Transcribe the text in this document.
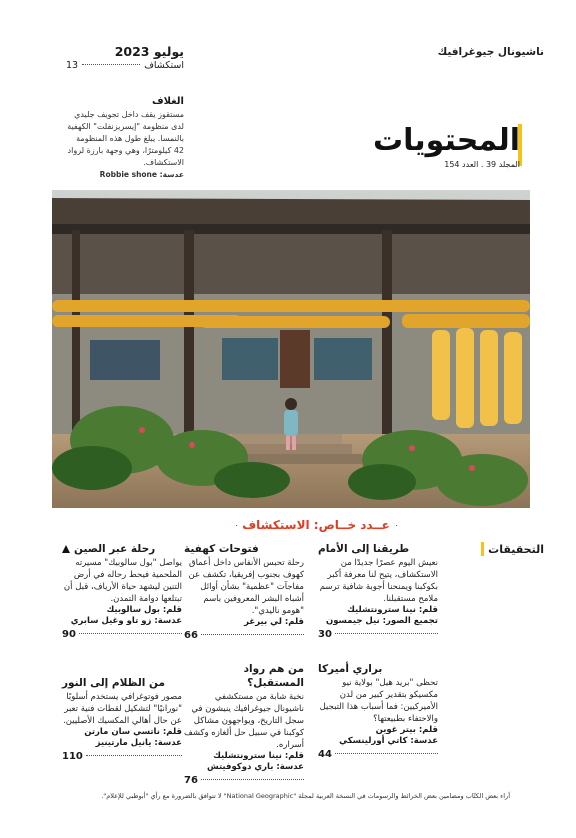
ناشيونال جيوغرافيك
يوليو 2023
13	استكشاف
الغلاف

مستقوز يقف داخل تجويف جليدي لدى منظومة "إيسريزنفلت" الكهفية بالنمسا. يبلغ طول هذه المنظومة 42 كيلومترًا، وهي وجهة بارزة لرواد الاستكشاف.

عدسة: Robbie shone
المحتويات
المجلد 39 . العدد 154
عــدد خــاص: الاستكشاف
التحقيقات
طريقنا إلى الأمام
نعيش اليوم عصرًا جديدًا من الاستكشاف، يتيح لنا معرفة أكبر بكوكبنا ويمنحنا أجوبة شافية ترسم ملامح مستقبلنا.
قلم: نينا سترونتشليك
تجميع الصور: نيل جيمسون
30
براري أميركا
تحظى "بريد هيل" بولاية نيو مكسيكو بتقدير كبير من لدن الأميركيين: فما أسباب هذا التبجيل والاحتفاء بطبيعتها؟
قلم: بيتر غوين
عدسة: كاتي أورلينسكي
44
فتوحات كهفية
رحلة تحبس الأنفاس داخل أعماق كهوف بجنوب إفريقيا، تكشف عن مفاجآت "عظمية" بشأن أوائل أشباه البشر المعروفين باسم "هومو ناليدي".
قلم: لي بيرغر
66
من هم رواد المستقبل؟
نخبة شابة من مستكشفي ناشيونال جيوغرافيك ينيشون في سجل التاريخ، ويواجهون مشاكل كوكبنا في سبيل حل ألغازه وكشف أسراره.
قلم: نينا سترونتشليك
عدسة: باري دوكوفيتش
76
رحلة عبر الصين
يواصل "بول سالوبيك" مسيرته الملحمية فيحط رحاله في أرض التنين ليشهد حياة الأرياف، قبل أن تبتلعها دوامة التمدن.
قلم: بول سالوبيك
عدسة: زو تاو وغيل سابري
90
من الظلام إلى النور
مصور فوتوغرافي يستخدم أسلوبًا "نورانيًا" لتشكيل لقطات فنية تعبر عن حال أهالي المكسيك الأصليين.
قلم: ناتسي سان مارتن
عدسة: يانيل مارتينيز
110
آراء بعض الكتّاب ومضامين بعض الخرائط والرسومات في النسخة العربية لمجلة "National Geographic" لا تتوافق بالضرورة مع رأي "أبوظبي للإعلام".
